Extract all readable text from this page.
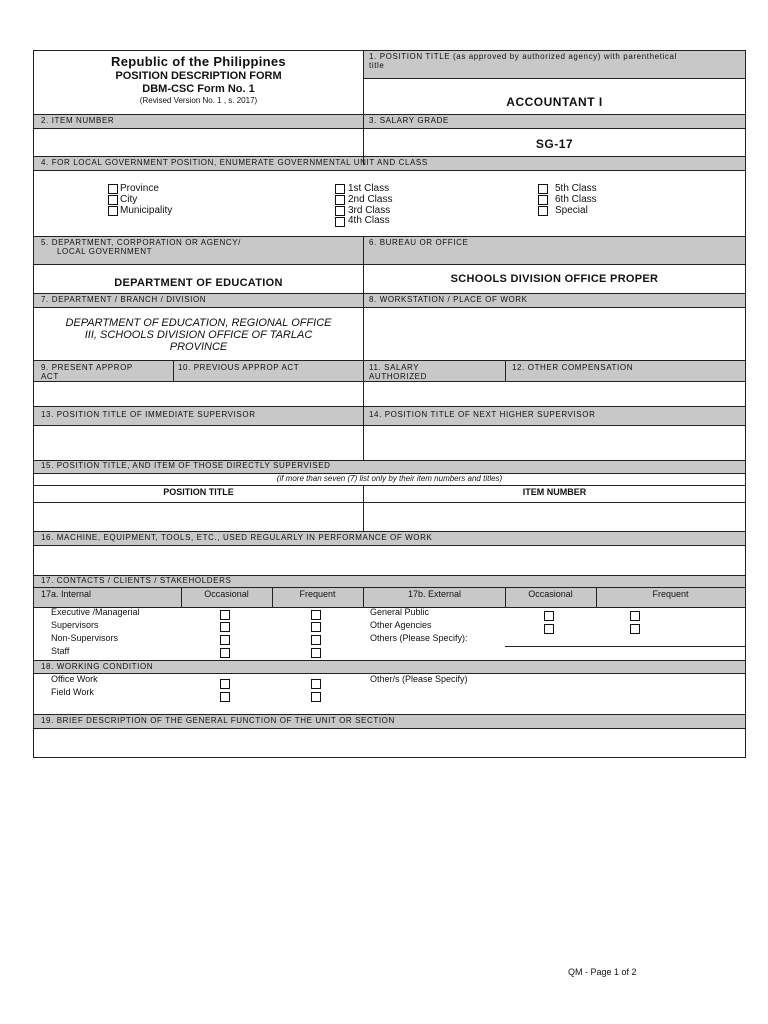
Republic of the Philippines
POSITION DESCRIPTION FORM
DBM-CSC Form No. 1
(Revised Version No. 1 , s. 2017)
1. POSITION TITLE (as approved by authorized agency) with parenthetical
title
ACCOUNTANT I
2. ITEM NUMBER	3. SALARY GRADE
SG-17
4. FOR LOCAL GOVERNMENT POSITION, ENUMERATE GOVERNMENTAL UNIT AND CLASS
Province
City
Municipality
1st Class
2nd Class
3rd Class
4th Class
5th Class
6th Class
Special
5. DEPARTMENT, CORPORATION OR AGENCY/
LOCAL GOVERNMENT
DEPARTMENT OF EDUCATION
6. BUREAU OR OFFICE
SCHOOLS DIVISION OFFICE PROPER
7. DEPARTMENT / BRANCH / DIVISION
DEPARTMENT OF EDUCATION, REGIONAL OFFICE
III, SCHOOLS DIVISION OFFICE OF TARLAC
PROVINCE
8. WORKSTATION / PLACE OF WORK
9. PRESENT APPROP
ACT
10. PREVIOUS APPROP ACT	11. SALARY
AUTHORIZED
12. OTHER COMPENSATION
13. POSITION TITLE OF IMMEDIATE SUPERVISOR	14. POSITION TITLE OF NEXT HIGHER SUPERVISOR
15. POSITION TITLE, AND ITEM OF THOSE DIRECTLY SUPERVISED
(if more than seven (7) list only by their item numbers and titles)
POSITION TITLE	ITEM NUMBER
16. MACHINE, EQUIPMENT, TOOLS, ETC., USED REGULARLY IN PERFORMANCE OF WORK
17. CONTACTS / CLIENTS / STAKEHOLDERS
17a. Internal	Occasional	Frequent	17b. External	Occasional	Frequent
Executive /Managerial
Supervisors
Non-Supervisors
Staff
General Public
Other Agencies
Others (Please Specify):
18. WORKING CONDITION
Office Work
Field Work
Other/s (Please Specify)
19. BRIEF DESCRIPTION OF THE GENERAL FUNCTION OF THE UNIT OR SECTION
QM - Page 1 of 2
